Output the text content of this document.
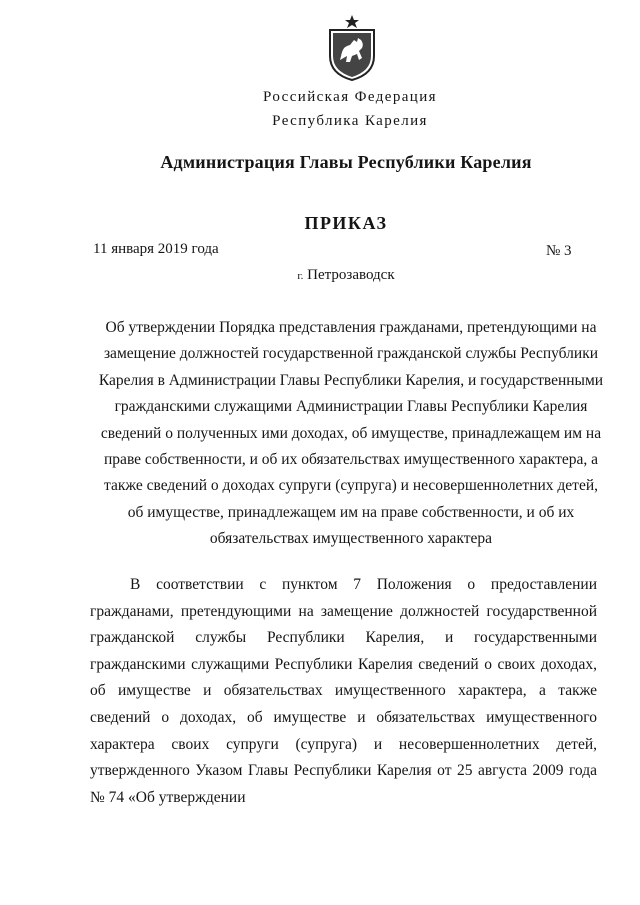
Российская Федерация
Республика Карелия
Администрация Главы Республики Карелия
ПРИКАЗ
11 января 2019 года	№ 3
г. Петрозаводск
Об утверждении Порядка представления гражданами, претендующими на замещение должностей государственной гражданской службы Республики Карелия в Администрации Главы Республики Карелия, и государственными гражданскими служащими Администрации Главы Республики Карелия сведений о полученных ими доходах, об имуществе, принадлежащем им на праве собственности, и об их обязательствах имущественного характера, а также сведений о доходах супруги (супруга) и несовершеннолетних детей, об имуществе, принадлежащем им на праве собственности, и об их обязательствах имущественного характера
В соответствии с пунктом 7 Положения о предоставлении гражданами, претендующими на замещение должностей государственной гражданской службы Республики Карелия, и государственными гражданскими служащими Республики Карелия сведений о своих доходах, об имуществе и обязательствах имущественного характера, а также сведений о доходах, об имуществе и обязательствах имущественного характера своих супруги (супруга) и несовершеннолетних детей, утвержденного Указом Главы Республики Карелия от 25 августа 2009 года № 74 «Об утверждении
